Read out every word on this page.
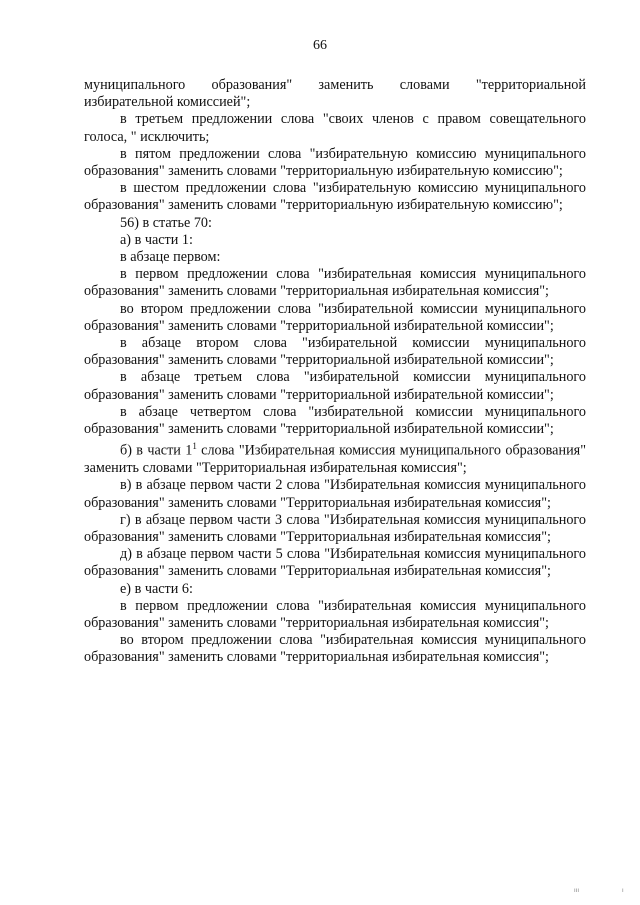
66

муниципального образования" заменить словами "территориальной избирательной комиссией";

в третьем предложении слова "своих членов с правом совещательного голоса, " исключить;

в пятом предложении слова "избирательную комиссию муниципального образования" заменить словами "территориальную избирательную комиссию";

в шестом предложении слова "избирательную комиссию муниципального образования" заменить словами "территориальную избирательную комиссию";

56) в статье 70:

а) в части 1:

в абзаце первом:

в первом предложении слова "избирательная комиссия муниципального образования" заменить словами "территориальная избирательная комиссия";

во втором предложении слова "избирательной комиссии муниципального образования" заменить словами "территориальной избирательной комиссии";

в абзаце втором слова "избирательной комиссии муниципального образования" заменить словами "территориальной избирательной комиссии";

в абзаце третьем слова "избирательной комиссии муниципального образования" заменить словами "территориальной избирательной комиссии";

в абзаце четвертом слова "избирательной комиссии муниципального образования" заменить словами "территориальной избирательной комиссии";

б) в части $1^1$ слова "Избирательная комиссия муниципального образования" заменить словами "Территориальная избирательная комиссия";

в) в абзаце первом части 2 слова "Избирательная комиссия муниципального образования" заменить словами "Территориальная избирательная комиссия";

г) в абзаце первом части 3 слова "Избирательная комиссия муниципального образования" заменить словами "Территориальная избирательная комиссия";

д) в абзаце первом части 5 слова "Избирательная комиссия муниципального образования" заменить словами "Территориальная избирательная комиссия";

е) в части 6:

в первом предложении слова "избирательная комиссия муниципального образования" заменить словами "территориальная избирательная комиссия";

во втором предложении слова "избирательная комиссия муниципального образования" заменить словами "территориальная избирательная комиссия";

ııı	ı
